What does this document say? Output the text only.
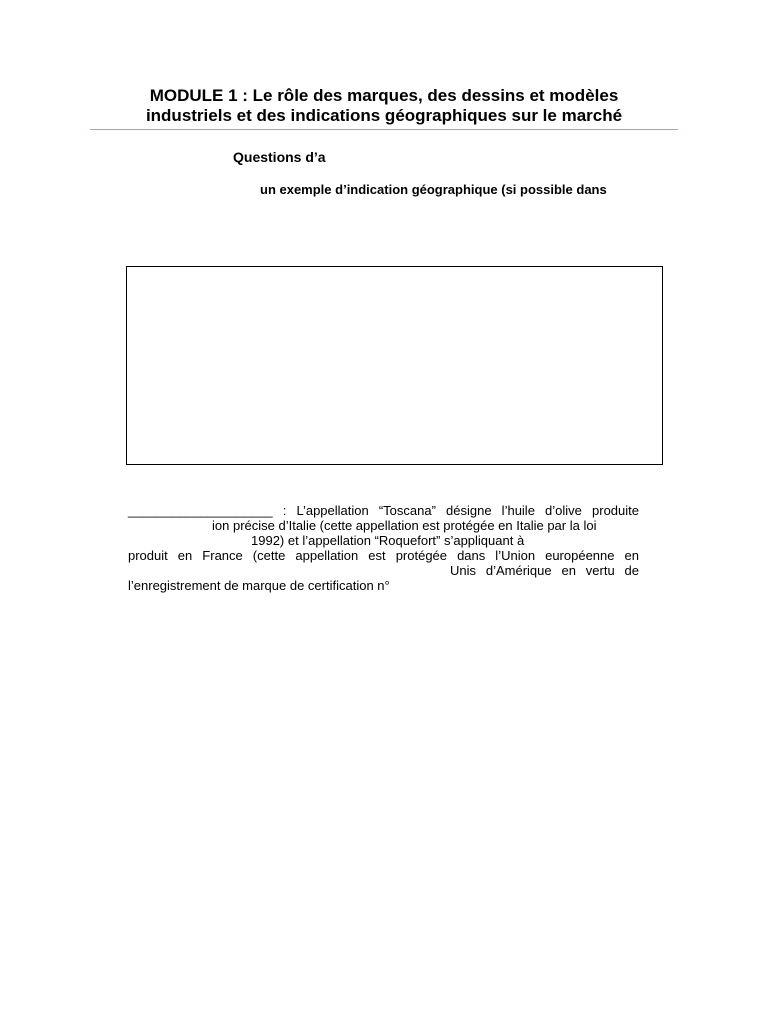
MODULE 1 : Le rôle des marques, des dessins et modèles
industriels et des indications géographiques sur le marché

Questions d’a

un exemple d’indication géographique (si possible dans

____________________ : L’appellation “Toscana” désigne l’huile d’olive produite

ion précise d’Italie (cette appellation est protégée en Italie par la loi

1992) et l’appellation “Roquefort” s’appliquant à

produit en France (cette appellation est protégée dans l’Union européenne en

Unis d’Amérique en vertu de

l’enregistrement de marque de certification n°
